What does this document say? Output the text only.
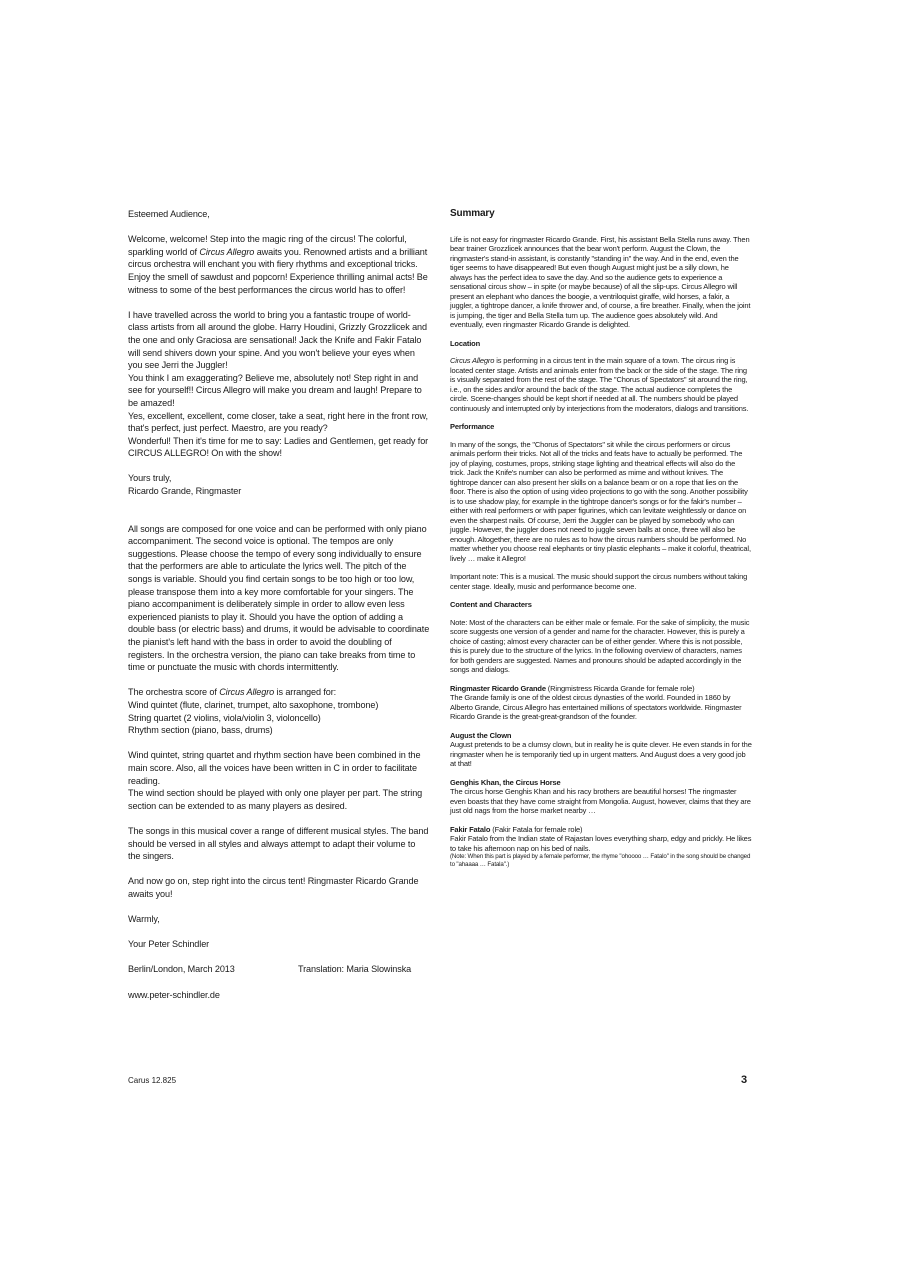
Esteemed Audience,

Welcome, welcome! Step into the magic ring of the circus! The colorful, sparkling world of Circus Allegro awaits you. Renowned artists and a brilliant circus orchestra will enchant you with fiery rhythms and exceptional tricks. Enjoy the smell of sawdust and popcorn! Experience thrilling animal acts! Be witness to some of the best performances the circus world has to offer!

I have travelled across the world to bring you a fantastic troupe of world-class artists from all around the globe. Harry Houdini, Grizzly Grozzlicek and the one and only Graciosa are sensational! Jack the Knife and Fakir Fatalo will send shivers down your spine. And you won't believe your eyes when you see Jerri the Juggler!

You think I am exaggerating? Believe me, absolutely not! Step right in and see for yourself!! Circus Allegro will make you dream and laugh! Prepare to be amazed!

Yes, excellent, excellent, come closer, take a seat, right here in the front row, that's perfect, just perfect. Maestro, are you ready?

Wonderful! Then it's time for me to say: Ladies and Gentlemen, get ready for CIRCUS ALLEGRO! On with the show!

Yours truly,

Ricardo Grande, Ringmaster

All songs are composed for one voice and can be performed with only piano accompaniment. The second voice is optional. The tempos are only suggestions. Please choose the tempo of every song individually to ensure that the performers are able to articulate the lyrics well. The pitch of the songs is variable. Should you find certain songs to be too high or too low, please transpose them into a key more comfortable for your singers. The piano accompaniment is deliberately simple in order to allow even less experienced pianists to play it. Should you have the option of adding a double bass (or electric bass) and drums, it would be advisable to coordinate the pianist's left hand with the bass in order to avoid the doubling of registers. In the orchestra version, the piano can take breaks from time to time or punctuate the music with chords intermittently.

The orchestra score of Circus Allegro is arranged for:

Wind quintet (flute, clarinet, trumpet, alto saxophone, trombone)

String quartet (2 violins, viola/violin 3, violoncello)

Rhythm section (piano, bass, drums)

Wind quintet, string quartet and rhythm section have been combined in the main score. Also, all the voices have been written in C in order to facilitate reading.

The wind section should be played with only one player per part. The string section can be extended to as many players as desired.

The songs in this musical cover a range of different musical styles. The band should be versed in all styles and always attempt to adapt their volume to the singers.

And now go on, step right into the circus tent! Ringmaster Ricardo Grande awaits you!

Warmly,

Your Peter Schindler

Berlin/London, March 2013	Translation: Maria Slowinska

www.peter-schindler.de

Summary

Life is not easy for ringmaster Ricardo Grande. First, his assistant Bella Stella runs away. Then bear trainer Grozzlicek announces that the bear won't perform. August the Clown, the ringmaster's stand-in assistant, is constantly "standing in" the way. And in the end, even the tiger seems to have disappeared! But even though August might just be a silly clown, he always has the perfect idea to save the day. And so the audience gets to experience a sensational circus show – in spite (or maybe because) of all the slip-ups. Circus Allegro will present an elephant who dances the boogie, a ventriloquist giraffe, wild horses, a fakir, a juggler, a tightrope dancer, a knife thrower and, of course, a fire breather. Finally, when the joint is jumping, the tiger and Bella Stella turn up. The audience goes absolutely wild. And eventually, even ringmaster Ricardo Grande is delighted.

Location

Circus Allegro is performing in a circus tent in the main square of a town. The circus ring is located center stage. Artists and animals enter from the back or the side of the stage. The ring is visually separated from the rest of the stage. The "Chorus of Spectators" sit around the ring, i.e., on the sides and/or around the back of the stage. The actual audience completes the circle. Scene-changes should be kept short if needed at all. The numbers should be played continuously and interrupted only by interjections from the moderators, dialogs and transitions.

Performance

In many of the songs, the "Chorus of Spectators" sit while the circus performers or circus animals perform their tricks. Not all of the tricks and feats have to actually be performed. The joy of playing, costumes, props, striking stage lighting and theatrical effects will also do the trick. Jack the Knife's number can also be performed as mime and without knives. The tightrope dancer can also present her skills on a balance beam or on a rope that lies on the floor. There is also the option of using video projections to go with the song. Another possibility is to use shadow play, for example in the tightrope dancer's songs or for the fakir's number – either with real performers or with paper figurines, which can levitate weightlessly or dance on even the sharpest nails. Of course, Jerri the Juggler can be played by somebody who can juggle. However, the juggler does not need to juggle seven balls at once, three will also be enough. Altogether, there are no rules as to how the circus numbers should be performed. No matter whether you choose real elephants or tiny plastic elephants – make it colorful, theatrical, lively … make it Allegro!

Important note: This is a musical. The music should support the circus numbers without taking center stage. Ideally, music and performance become one.

Content and Characters

Note: Most of the characters can be either male or female. For the sake of simplicity, the music score suggests one version of a gender and name for the character. However, this is purely a choice of casting; almost every character can be of either gender. Where this is not possible, this is purely due to the structure of the lyrics. In the following overview of characters, names for both genders are suggested. Names and pronouns should be adapted accordingly in the songs and dialogs.

Ringmaster Ricardo Grande (Ringmistress Ricarda Grande for female role)

The Grande family is one of the oldest circus dynasties of the world. Founded in 1860 by Alberto Grande, Circus Allegro has entertained millions of spectators worldwide. Ringmaster Ricardo Grande is the great-great-grandson of the founder.

August the Clown

August pretends to be a clumsy clown, but in reality he is quite clever. He even stands in for the ringmaster when he is temporarily tied up in urgent matters. And August does a very good job at that!

Genghis Khan, the Circus Horse

The circus horse Genghis Khan and his racy brothers are beautiful horses! The ringmaster even boasts that they have come straight from Mongolia. August, however, claims that they are just old nags from the horse market nearby …

Fakir Fatalo (Fakir Fatala for female role)

Fakir Fatalo from the Indian state of Rajastan loves everything sharp, edgy and prickly. He likes to take his afternoon nap on his bed of nails.

(Note: When this part is played by a female performer, the rhyme "ohoooo … Fatalo" in the song should be changed to "ahaaaa … Fatala".)

Carus 12.825	3
